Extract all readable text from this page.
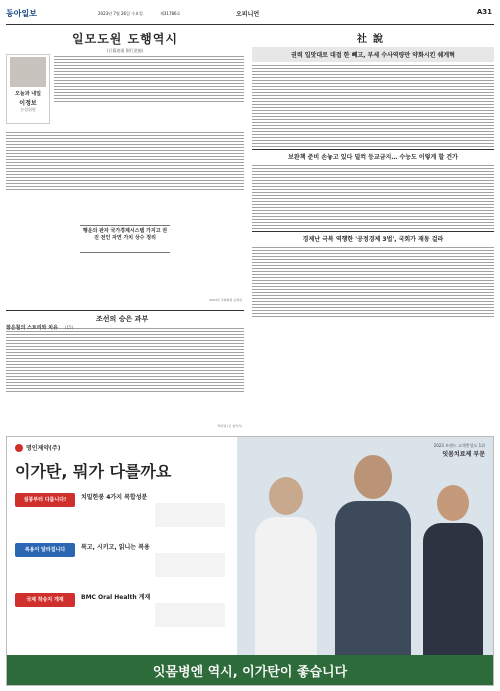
동아일보	2023년 7월 26일 수요일	제31786호	오피니언	A31
일모도원 도행역시
(日暮途遠 倒行逆施)
오늘과 내일
이정보
논설위원
행운의 판자 국가경제시스템 가지고 권진 전인 자연 가치 상수 정리
2023년 국회의원 보좌관
조선의 승은 과부
박한필 (글 창작가)
社說
권력 입맛대로 대접 한 빼고, 부세 수사역량만 약화시킨 쉐게혁
보완책 준비 손놓고 있다 덜컥 등교금지… 수능도 이렇게 할 건가
경제난 극복 역행한 '공정경제 3법', 국회가 재동 걸라
명인제약(주)
이가탄, 뭐가 다를까요
설봉부터 다릅니다!	치밀한봉 4가지 복합성분
복용이 달라집니다	복고, 시키고, 읽니는 복용
국제 착숭지 개재	BMC Oral Health 게재
2023 브랜드 고객충성도 1위
잇몸치료제 부문
잇몸병엔 역시, 이가탄이 좋습니다
